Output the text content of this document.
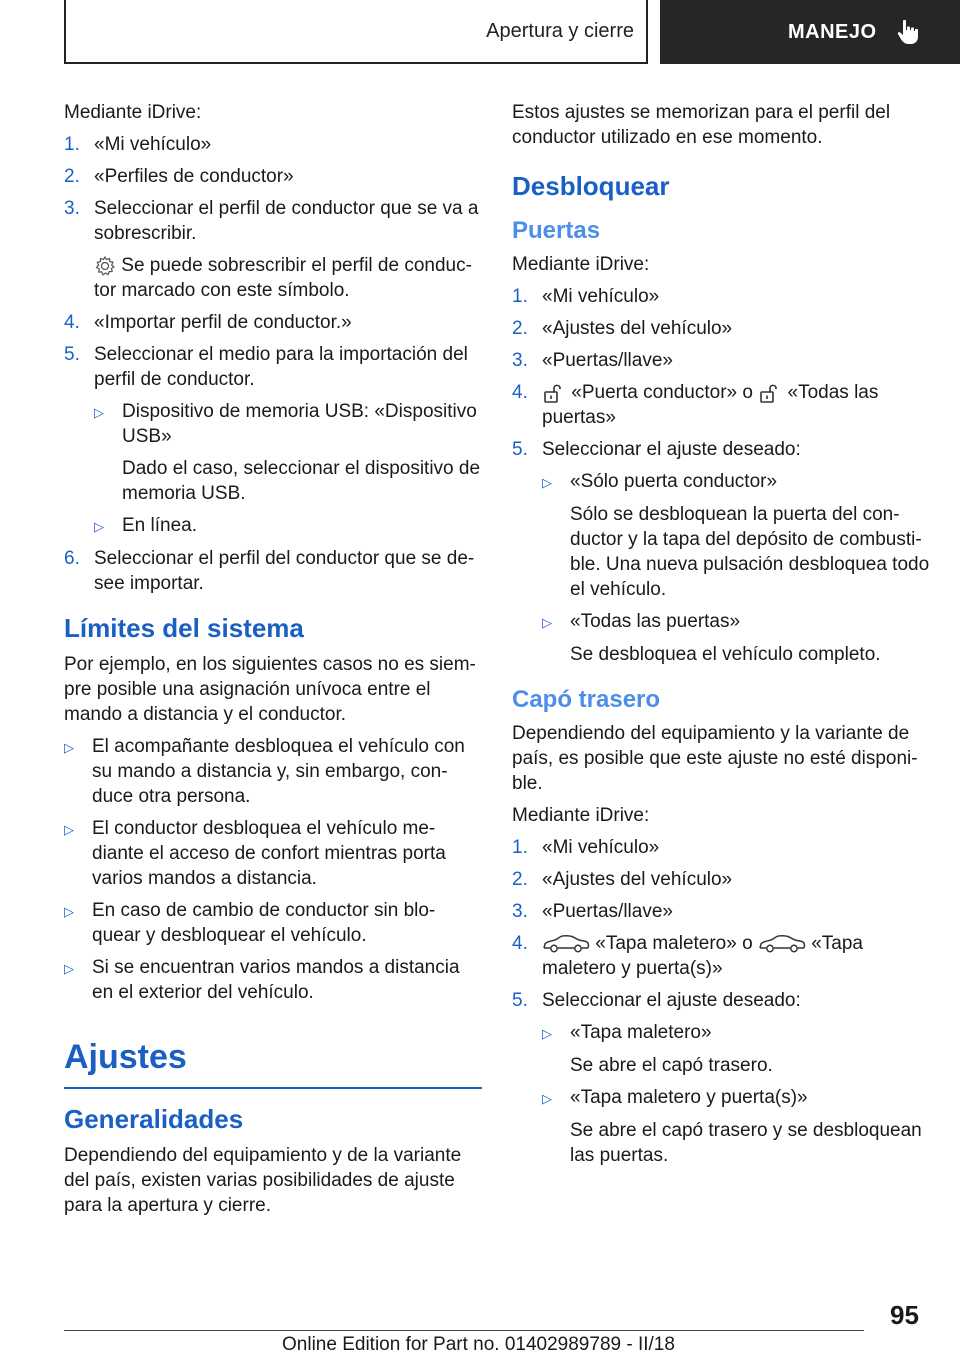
Apertura y cierre	MANEJO

Mediante iDrive:

1. «Mi vehículo»
2. «Perfiles de conductor»
3. Seleccionar el perfil de conductor que se va a sobrescribir.

Se puede sobrescribir el perfil de conduc-tor marcado con este símbolo.

4. «Importar perfil de conductor.»
5. Seleccionar el medio para la importación del perfil de conductor.
▷ Dispositivo de memoria USB: «Dispositivo USB»

Dado el caso, seleccionar el dispositivo de memoria USB.

▷ En línea.
6. Seleccionar el perfil del conductor que se de-see importar.
Límites del sistema

Por ejemplo, en los siguientes casos no es siem-pre posible una asignación unívoca entre el mando a distancia y el conductor.

▷ El acompañante desbloquea el vehículo con su mando a distancia y, sin embargo, con-duce otra persona.
▷ El conductor desbloquea el vehículo me-diante el acceso de confort mientras porta varios mandos a distancia.
▷ En caso de cambio de conductor sin blo-quear y desbloquear el vehículo.
▷ Si se encuentran varios mandos a distancia en el exterior del vehículo.
Ajustes
Generalidades

Dependiendo del equipamiento y de la variante del país, existen varias posibilidades de ajuste para la apertura y cierre.

Estos ajustes se memorizan para el perfil del conductor utilizado en ese momento.

Desbloquear
Puertas

Mediante iDrive:

1. «Mi vehículo»
2. «Ajustes del vehículo»
3. «Puertas/llave»
4.	«Puerta conductor» o «Todas las puertas»
5. Seleccionar el ajuste deseado:
▷ «Sólo puerta conductor»

Sólo se desbloquean la puerta del con-ductor y la tapa del depósito de combusti-ble. Una nueva pulsación desbloquea todo el vehículo.

▷ «Todas las puertas»

Se desbloquea el vehículo completo.

Capó trasero

Dependiendo del equipamiento y la variante de país, es posible que este ajuste no esté disponi-ble.

Mediante iDrive:

1. «Mi vehículo»
2. «Ajustes del vehículo»
3. «Puertas/llave»
4.	«Tapa maletero» o	«Tapa maletero y puerta(s)»
5. Seleccionar el ajuste deseado:
▷ «Tapa maletero»

Se abre el capó trasero.

▷ «Tapa maletero y puerta(s)»

Se abre el capó trasero y se desbloquean las puertas.

95
Online Edition for Part no. 01402989789 - II/18
